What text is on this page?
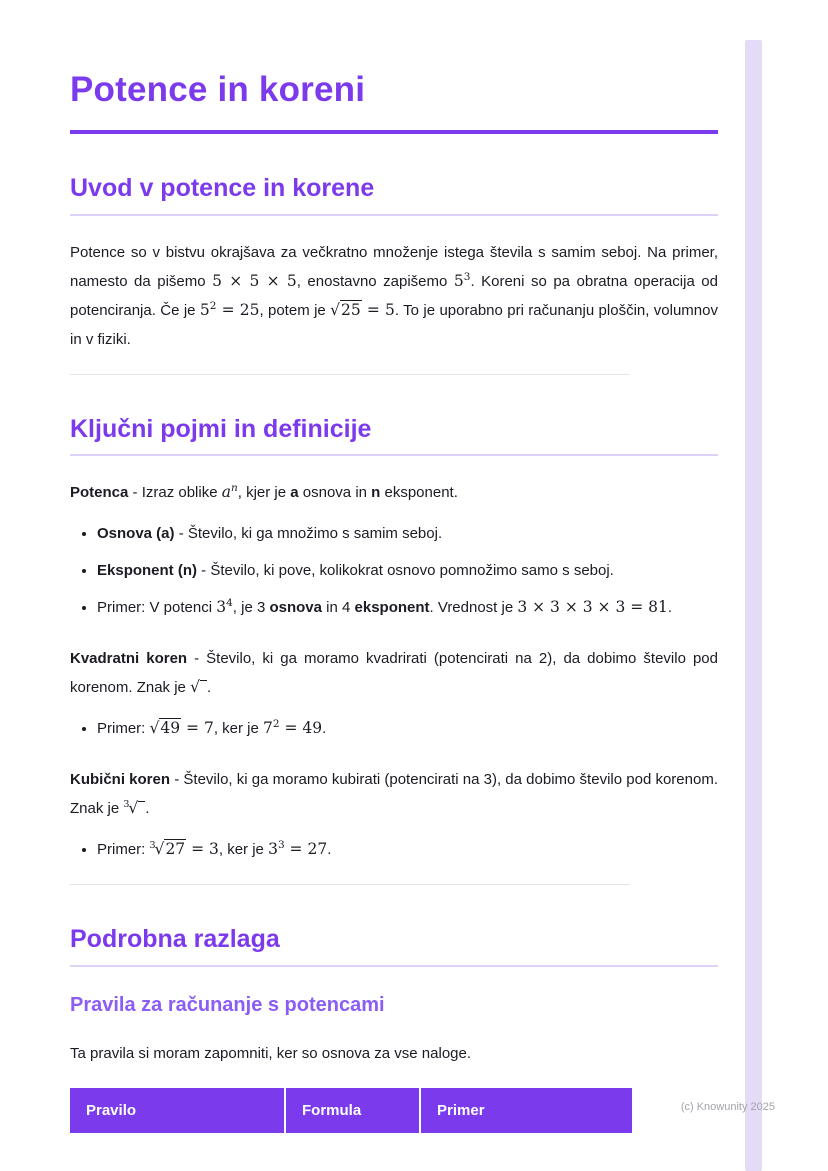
Potence in koreni
Uvod v potence in korene

Potence so v bistvu okrajšava za večkratno množenje istega števila s samim seboj. Na primer, namesto da pišemo 5 × 5 × 5, enostavno zapišemo $5^3$. Koreni so pa obratna operacija od potenciranja. Če je $5^2 = 25$, potem je √25 = 5. To je uporabno pri računanju ploščin, volumnov in v fiziki.

Ključni pojmi in definicije

Potenca - Izraz oblike $a^n$, kjer je a osnova in n eksponent.

• Osnova (a) - Število, ki ga množimo s samim seboj.
• Eksponent (n) - Število, ki pove, kolikokrat osnovo pomnožimo samo s seboj.
• Primer: V potenci $3^4$, je 3 osnova in 4 eksponent. Vrednost je 3 × 3 × 3 × 3 = 81.

Kvadratni koren - Število, ki ga moramo kvadrirati (potencirati na 2), da dobimo število pod korenom. Znak je √ .

• Primer: √49 = 7, ker je $7^2 = 49$.

Kubični koren - Število, ki ga moramo kubirati (potencirati na 3), da dobimo število pod korenom. Znak je $^3$√ .

• Primer: $^3$√27 = 3, ker je $3^3 = 27$.
Podrobna razlaga
Pravila za računanje s potencami

Ta pravila si moram zapomniti, ker so osnova za vse naloge.

Pravilo	Formula	Primer	(c) Knowunity 2025
